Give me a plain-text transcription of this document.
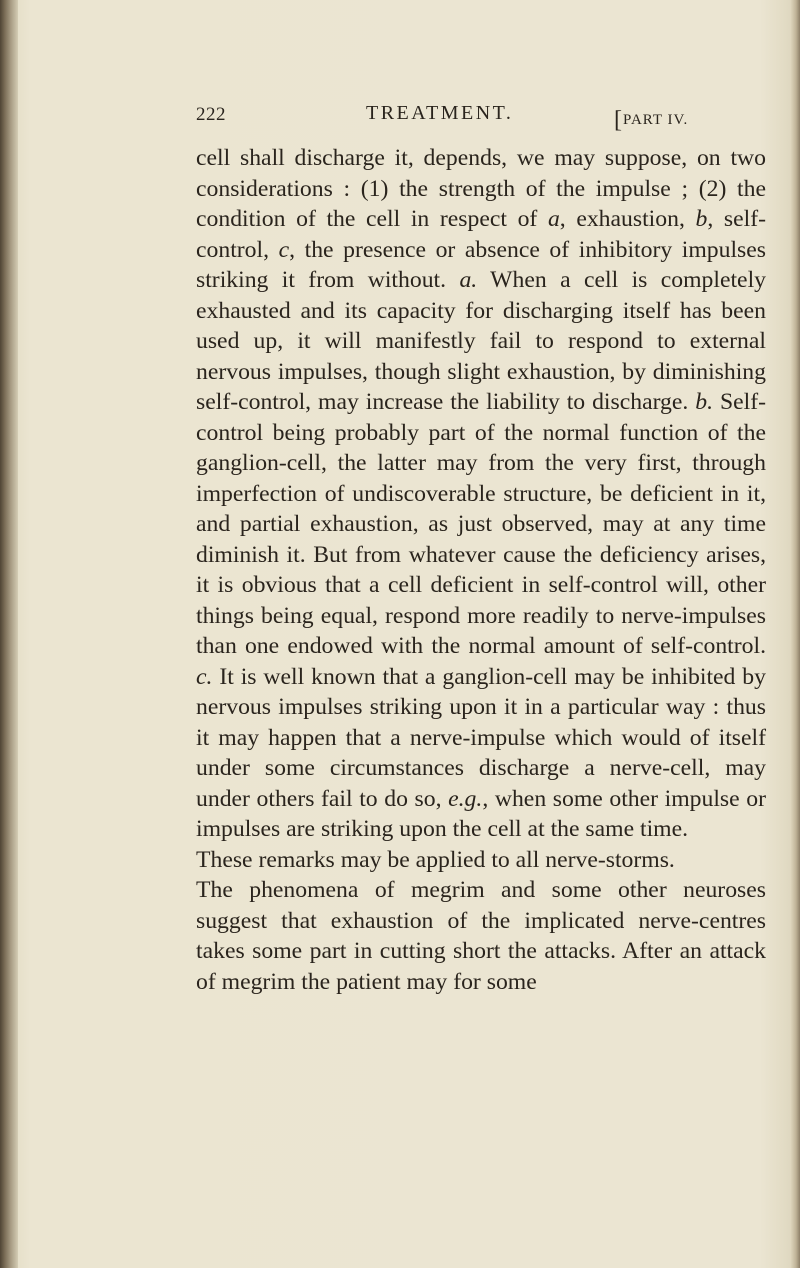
222	TREATMENT.	[PART IV.

cell shall discharge it, depends, we may suppose, on two considerations : (1) the strength of the impulse ; (2) the condition of the cell in respect of a, exhaustion, b, self-control, c, the presence or absence of inhibitory impulses striking it from without. a. When a cell is completely exhausted and its capacity for discharging itself has been used up, it will manifestly fail to respond to external nervous impulses, though slight exhaustion, by diminishing self-control, may increase the liability to discharge. b. Self-control being probably part of the normal function of the ganglion-cell, the latter may from the very first, through imperfection of undiscoverable structure, be deficient in it, and partial exhaustion, as just observed, may at any time diminish it. But from whatever cause the deficiency arises, it is obvious that a cell deficient in self-control will, other things being equal, respond more readily to nerve-impulses than one endowed with the normal amount of self-control. c. It is well known that a ganglion-cell may be inhibited by nervous impulses striking upon it in a particular way : thus it may happen that a nerve-impulse which would of itself under some circumstances discharge a nerve-cell, may under others fail to do so, e.g., when some other impulse or impulses are striking upon the cell at the same time.

These remarks may be applied to all nerve-storms.

The phenomena of megrim and some other neuroses suggest that exhaustion of the implicated nerve-centres takes some part in cutting short the attacks. After an attack of megrim the patient may for some
